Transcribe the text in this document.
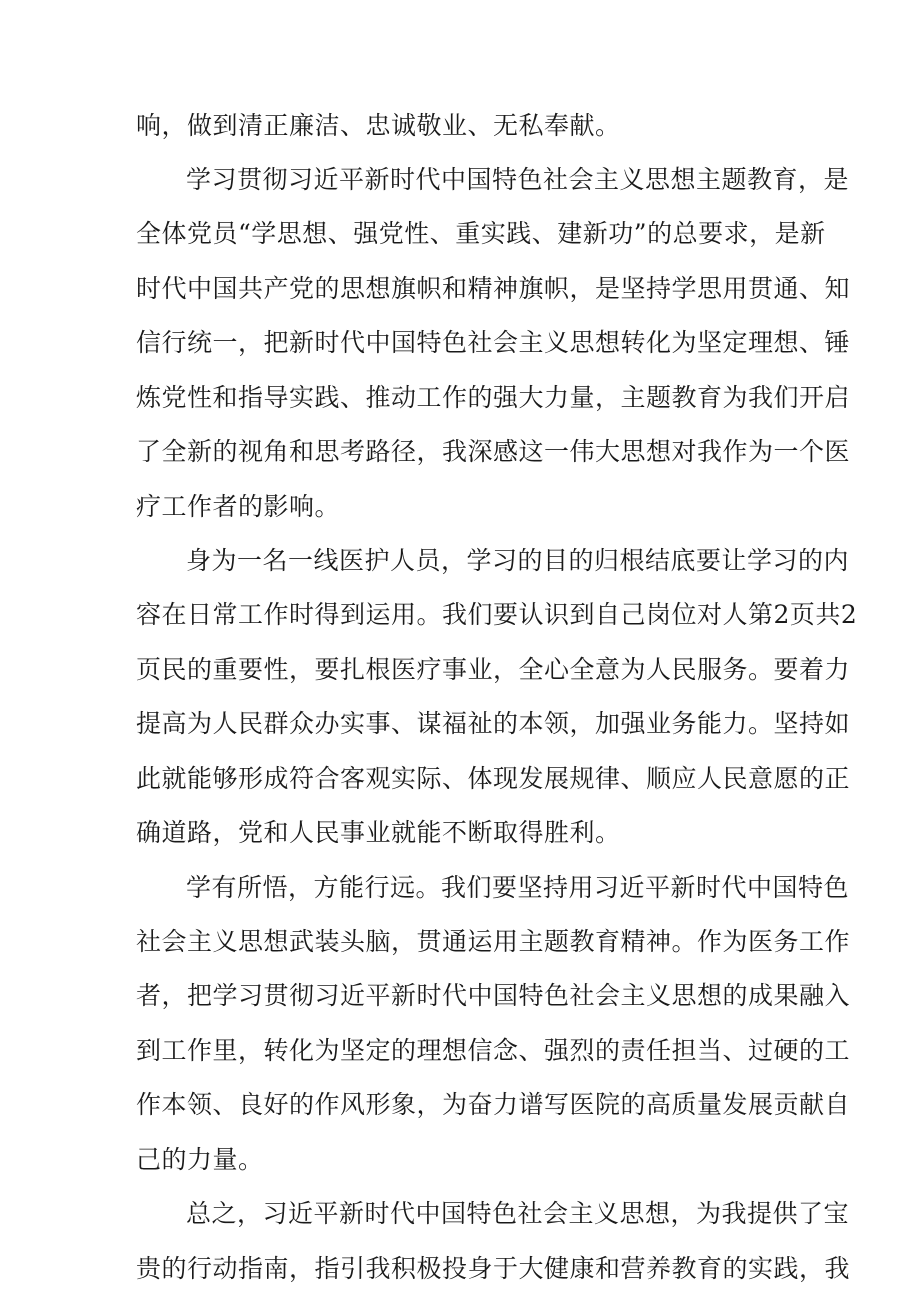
响，做到清正廉洁、忠诚敬业、无私奉献。
学习贯彻习近平新时代中国特色社会主义思想主题教育，是
全体党员“学思想、强党性、重实践、建新功”的总要求，是新
时代中国共产党的思想旗帜和精神旗帜，是坚持学思用贯通、知
信行统一，把新时代中国特色社会主义思想转化为坚定理想、锤
炼党性和指导实践、推动工作的强大力量，主题教育为我们开启
了全新的视角和思考路径，我深感这一伟大思想对我作为一个医
疗工作者的影响。
身为一名一线医护人员，学习的目的归根结底要让学习的内
容在日常工作时得到运用。我们要认识到自己岗位对人第2页共2
页民的重要性，要扎根医疗事业，全心全意为人民服务。要着力
提高为人民群众办实事、谋福祉的本领，加强业务能力。坚持如
此就能够形成符合客观实际、体现发展规律、顺应人民意愿的正
确道路，党和人民事业就能不断取得胜利。
学有所悟，方能行远。我们要坚持用习近平新时代中国特色
社会主义思想武装头脑，贯通运用主题教育精神。作为医务工作
者，把学习贯彻习近平新时代中国特色社会主义思想的成果融入
到工作里，转化为坚定的理想信念、强烈的责任担当、过硬的工
作本领、良好的作风形象，为奋力谱写医院的高质量发展贡献自
己的力量。
总之，习近平新时代中国特色社会主义思想，为我提供了宝
贵的行动指南，指引我积极投身于大健康和营养教育的实践，我
